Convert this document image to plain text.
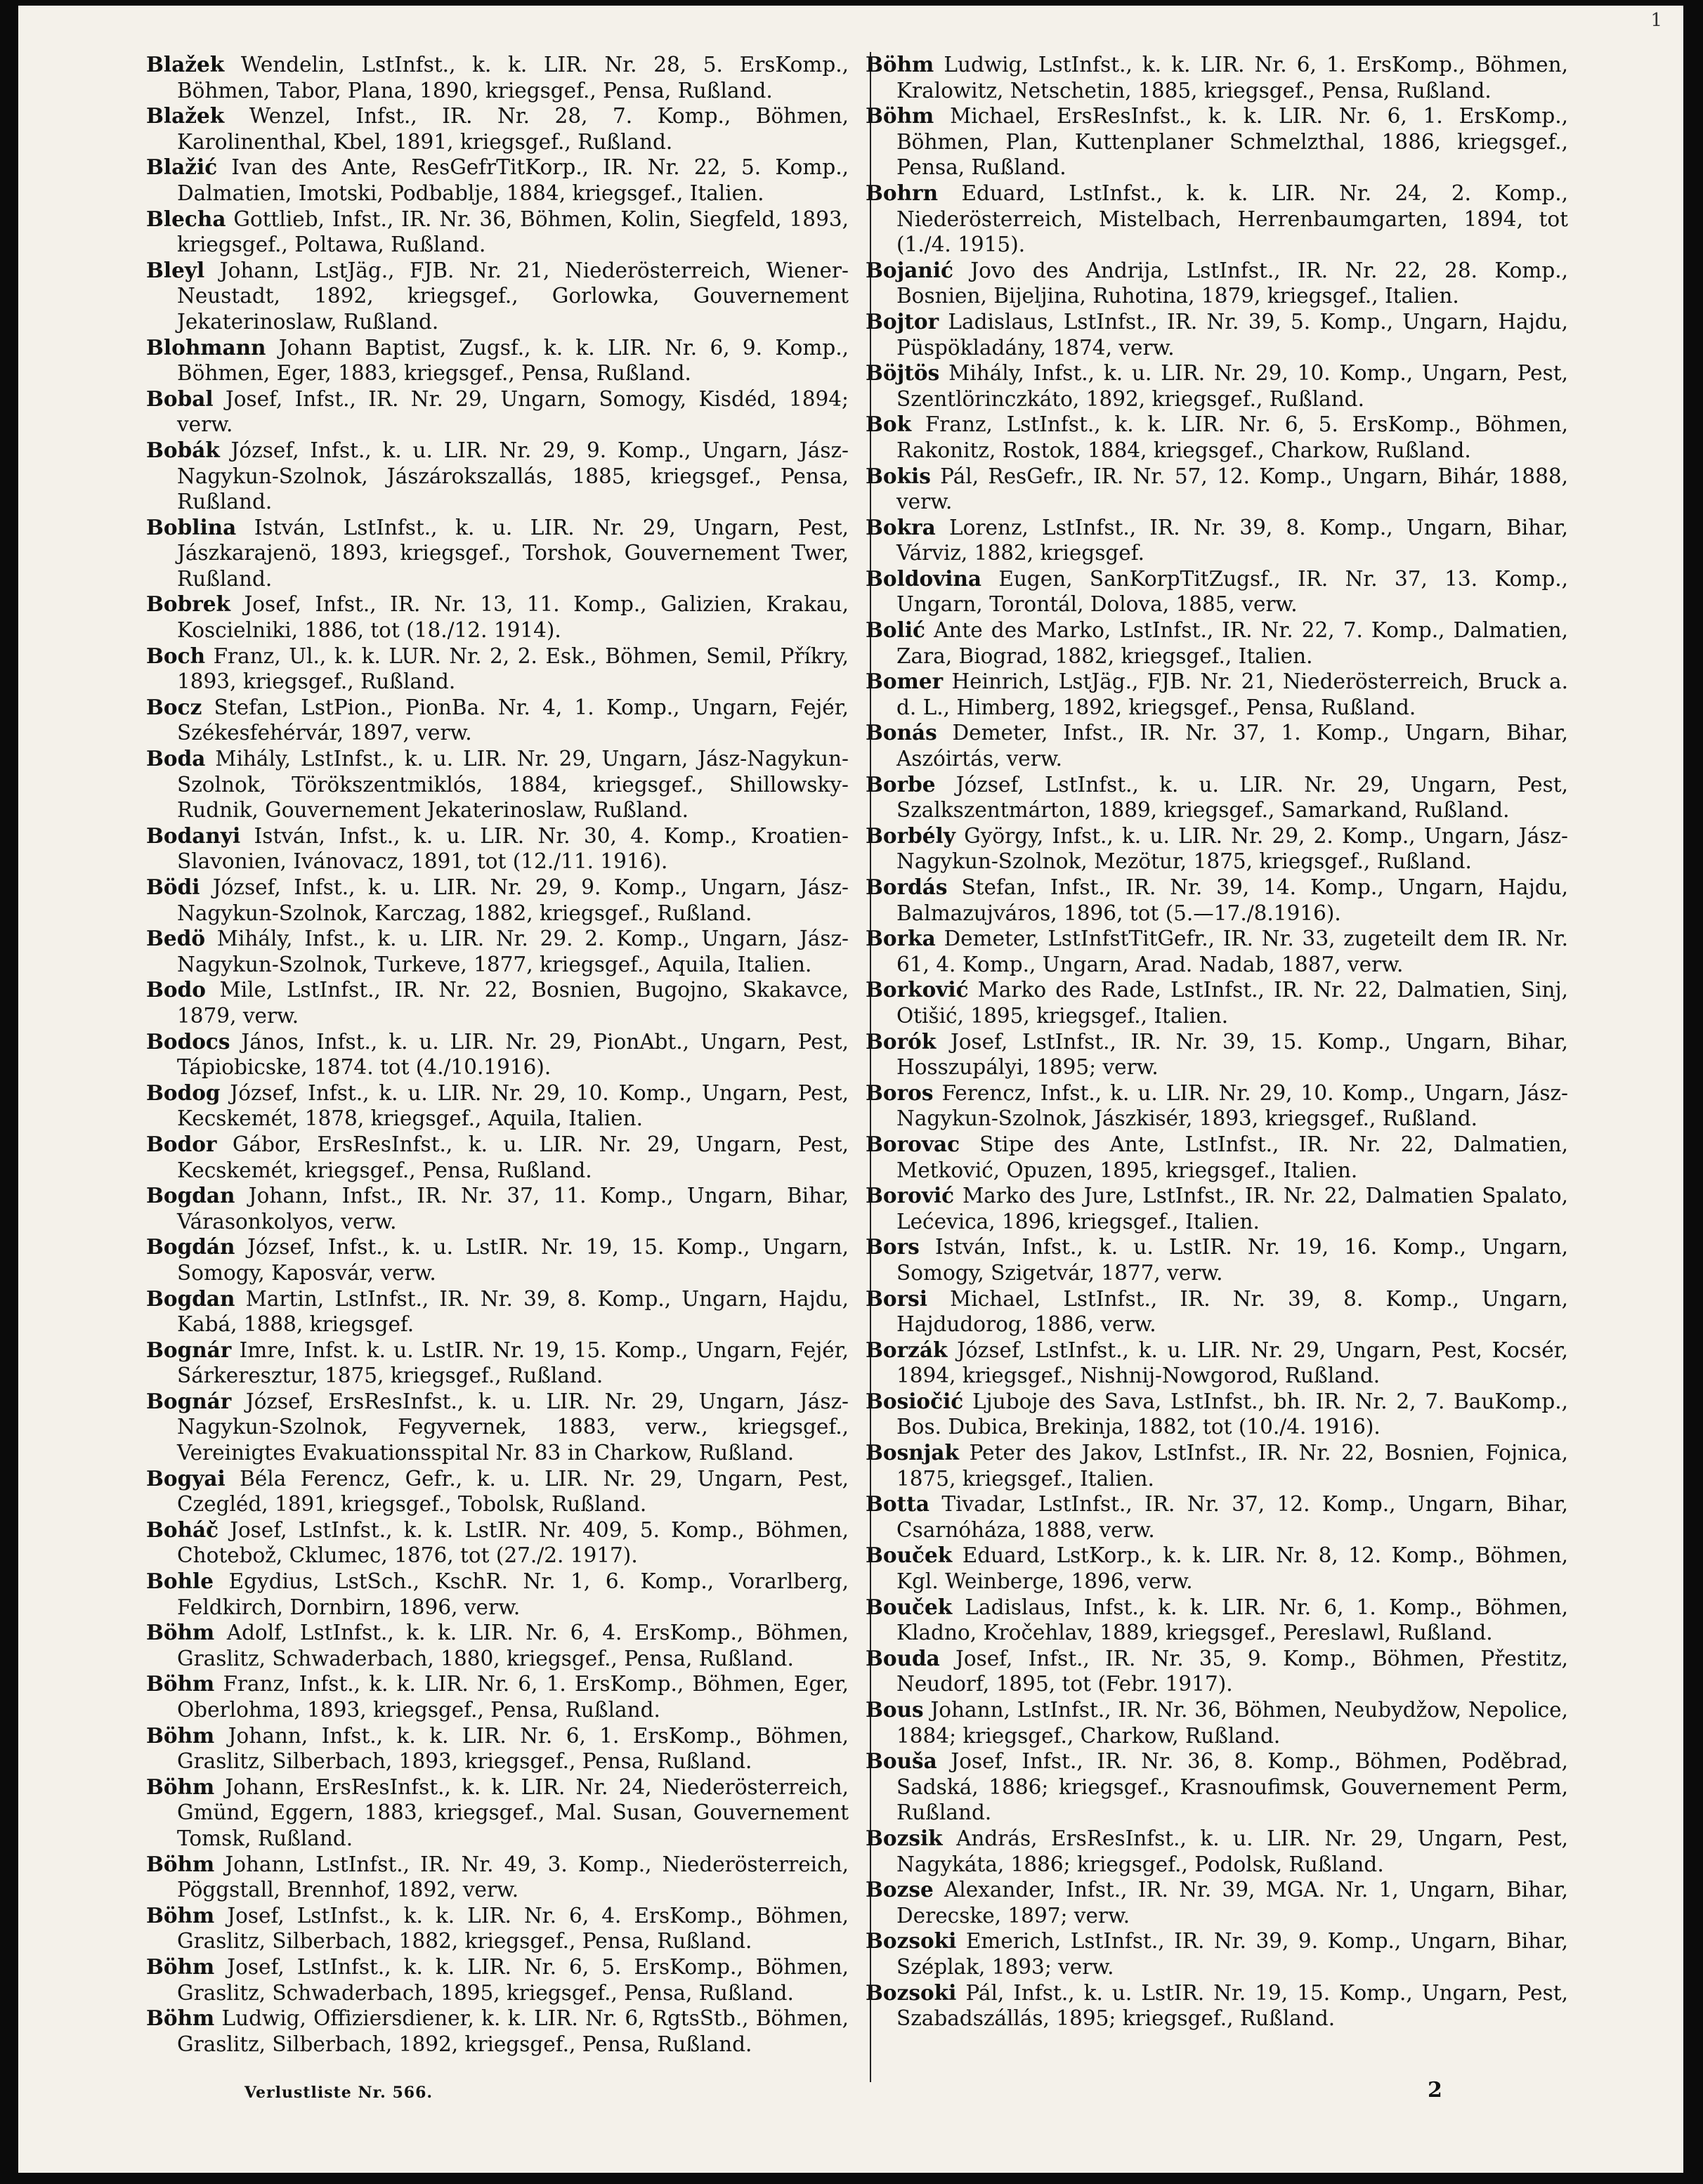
1

Blažek Wendelin, LstInfst., k. k. LIR. Nr. 28, 5. ErsKomp., Böhmen, Tabor, Plana, 1890, kriegsgef., Pensa, Rußland.

Blažek Wenzel, Infst., IR. Nr. 28, 7. Komp., Böhmen, Karolinenthal, Kbel, 1891, kriegsgef., Rußland.

Blažić Ivan des Ante, ResGefrTitKorp., IR. Nr. 22, 5. Komp., Dalmatien, Imotski, Podbablje, 1884, kriegsgef., Italien.

Blecha Gottlieb, Infst., IR. Nr. 36, Böhmen, Kolin, Siegfeld, 1893, kriegsgef., Poltawa, Rußland.

Bleyl Johann, LstJäg., FJB. Nr. 21, Niederösterreich, Wiener-Neustadt, 1892, kriegsgef., Gorlowka, Gouvernement Jekaterinoslaw, Rußland.

Blohmann Johann Baptist, Zugsf., k. k. LIR. Nr. 6, 9. Komp., Böhmen, Eger, 1883, kriegsgef., Pensa, Rußland.

Bobal Josef, Infst., IR. Nr. 29, Ungarn, Somogy, Kisdéd, 1894; verw.

Bobák József, Infst., k. u. LIR. Nr. 29, 9. Komp., Ungarn, Jász-Nagykun-Szolnok, Jászárokszallás, 1885, kriegsgef., Pensa, Rußland.

Boblina István, LstInfst., k. u. LIR. Nr. 29, Ungarn, Pest, Jászkarajenö, 1893, kriegsgef., Torshok, Gouvernement Twer, Rußland.

Bobrek Josef, Infst., IR. Nr. 13, 11. Komp., Galizien, Krakau, Koscielniki, 1886, tot (18./12. 1914).

Boch Franz, Ul., k. k. LUR. Nr. 2, 2. Esk., Böhmen, Semil, Příkry, 1893, kriegsgef., Rußland.

Bocz Stefan, LstPion., PionBa. Nr. 4, 1. Komp., Ungarn, Fejér, Székesfehérvár, 1897, verw.

Boda Mihály, LstInfst., k. u. LIR. Nr. 29, Ungarn, Jász-Nagykun-Szolnok, Törökszentmiklós, 1884, kriegsgef., Shillowsky-Rudnik, Gouvernement Jekaterinoslaw, Rußland.

Bodanyi István, Infst., k. u. LIR. Nr. 30, 4. Komp., Kroatien-Slavonien, Ivánovacz, 1891, tot (12./11. 1916).

Bödi József, Infst., k. u. LIR. Nr. 29, 9. Komp., Ungarn, Jász-Nagykun-Szolnok, Karczag, 1882, kriegsgef., Rußland.

Bedö Mihály, Infst., k. u. LIR. Nr. 29. 2. Komp., Ungarn, Jász-Nagykun-Szolnok, Turkeve, 1877, kriegsgef., Aquila, Italien.

Bodo Mile, LstInfst., IR. Nr. 22, Bosnien, Bugojno, Skakavce, 1879, verw.

Bodocs János, Infst., k. u. LIR. Nr. 29, PionAbt., Ungarn, Pest, Tápiobicske, 1874. tot (4./10.1916).

Bodog József, Infst., k. u. LIR. Nr. 29, 10. Komp., Ungarn, Pest, Kecskemét, 1878, kriegsgef., Aquila, Italien.

Bodor Gábor, ErsResInfst., k. u. LIR. Nr. 29, Ungarn, Pest, Kecskemét, kriegsgef., Pensa, Rußland.

Bogdan Johann, Infst., IR. Nr. 37, 11. Komp., Ungarn, Bihar, Várasonkolyos, verw.

Bogdán József, Infst., k. u. LstIR. Nr. 19, 15. Komp., Ungarn, Somogy, Kaposvár, verw.

Bogdan Martin, LstInfst., IR. Nr. 39, 8. Komp., Ungarn, Hajdu, Kabá, 1888, kriegsgef.

Bognár Imre, Infst. k. u. LstIR. Nr. 19, 15. Komp., Ungarn, Fejér, Sárkeresztur, 1875, kriegsgef., Rußland.

Bognár József, ErsResInfst., k. u. LIR. Nr. 29, Ungarn, Jász-Nagykun-Szolnok, Fegyvernek, 1883, verw., kriegsgef., Vereinigtes Evakuationsspital Nr. 83 in Charkow, Rußland.

Bogyai Béla Ferencz, Gefr., k. u. LIR. Nr. 29, Ungarn, Pest, Czegléd, 1891, kriegsgef., Tobolsk, Rußland.

Boháč Josef, LstInfst., k. k. LstIR. Nr. 409, 5. Komp., Böhmen, Chotebož, Cklumec, 1876, tot (27./2. 1917).

Bohle Egydius, LstSch., KschR. Nr. 1, 6. Komp., Vorarlberg, Feldkirch, Dornbirn, 1896, verw.

Böhm Adolf, LstInfst., k. k. LIR. Nr. 6, 4. ErsKomp., Böhmen, Graslitz, Schwaderbach, 1880, kriegsgef., Pensa, Rußland.

Böhm Franz, Infst., k. k. LIR. Nr. 6, 1. ErsKomp., Böhmen, Eger, Oberlohma, 1893, kriegsgef., Pensa, Rußland.

Böhm Johann, Infst., k. k. LIR. Nr. 6, 1. ErsKomp., Böhmen, Graslitz, Silberbach, 1893, kriegsgef., Pensa, Rußland.

Böhm Johann, ErsResInfst., k. k. LIR. Nr. 24, Niederösterreich, Gmünd, Eggern, 1883, kriegsgef., Mal. Susan, Gouvernement Tomsk, Rußland.

Böhm Johann, LstInfst., IR. Nr. 49, 3. Komp., Niederösterreich, Pöggstall, Brennhof, 1892, verw.

Böhm Josef, LstInfst., k. k. LIR. Nr. 6, 4. ErsKomp., Böhmen, Graslitz, Silberbach, 1882, kriegsgef., Pensa, Rußland.

Böhm Josef, LstInfst., k. k. LIR. Nr. 6, 5. ErsKomp., Böhmen, Graslitz, Schwaderbach, 1895, kriegsgef., Pensa, Rußland.

Böhm Ludwig, Offiziersdiener, k. k. LIR. Nr. 6, RgtsStb., Böhmen, Graslitz, Silberbach, 1892, kriegsgef., Pensa, Rußland.

Böhm Ludwig, LstInfst., k. k. LIR. Nr. 6, 1. ErsKomp., Böhmen, Kralowitz, Netschetin, 1885, kriegsgef., Pensa, Rußland.

Böhm Michael, ErsResInfst., k. k. LIR. Nr. 6, 1. ErsKomp., Böhmen, Plan, Kuttenplaner Schmelzthal, 1886, kriegsgef., Pensa, Rußland.

Bohrn Eduard, LstInfst., k. k. LIR. Nr. 24, 2. Komp., Niederösterreich, Mistelbach, Herrenbaumgarten, 1894, tot (1./4. 1915).

Bojanić Jovo des Andrija, LstInfst., IR. Nr. 22, 28. Komp., Bosnien, Bijeljina, Ruhotina, 1879, kriegsgef., Italien.

Bojtor Ladislaus, LstInfst., IR. Nr. 39, 5. Komp., Ungarn, Hajdu, Püspökladány, 1874, verw.

Böjtös Mihály, Infst., k. u. LIR. Nr. 29, 10. Komp., Ungarn, Pest, Szentlörinczkáto, 1892, kriegsgef., Rußland.

Bok Franz, LstInfst., k. k. LIR. Nr. 6, 5. ErsKomp., Böhmen, Rakonitz, Rostok, 1884, kriegsgef., Charkow, Rußland.

Bokis Pál, ResGefr., IR. Nr. 57, 12. Komp., Ungarn, Bihár, 1888, verw.

Bokra Lorenz, LstInfst., IR. Nr. 39, 8. Komp., Ungarn, Bihar, Várviz, 1882, kriegsgef.

Boldovina Eugen, SanKorpTitZugsf., IR. Nr. 37, 13. Komp., Ungarn, Torontál, Dolova, 1885, verw.

Bolić Ante des Marko, LstInfst., IR. Nr. 22, 7. Komp., Dalmatien, Zara, Biograd, 1882, kriegsgef., Italien.

Bomer Heinrich, LstJäg., FJB. Nr. 21, Niederösterreich, Bruck a. d. L., Himberg, 1892, kriegsgef., Pensa, Rußland.

Bonás Demeter, Infst., IR. Nr. 37, 1. Komp., Ungarn, Bihar, Aszóirtás, verw.

Borbe József, LstInfst., k. u. LIR. Nr. 29, Ungarn, Pest, Szalkszentmárton, 1889, kriegsgef., Samarkand, Rußland.

Borbély György, Infst., k. u. LIR. Nr. 29, 2. Komp., Ungarn, Jász-Nagykun-Szolnok, Mezötur, 1875, kriegsgef., Rußland.

Bordás Stefan, Infst., IR. Nr. 39, 14. Komp., Ungarn, Hajdu, Balmazujváros, 1896, tot (5.—17./8.1916).

Borka Demeter, LstInfstTitGefr., IR. Nr. 33, zugeteilt dem IR. Nr. 61, 4. Komp., Ungarn, Arad. Nadab, 1887, verw.

Borković Marko des Rade, LstInfst., IR. Nr. 22, Dalmatien, Sinj, Otišić, 1895, kriegsgef., Italien.

Borók Josef, LstInfst., IR. Nr. 39, 15. Komp., Ungarn, Bihar, Hosszupályi, 1895; verw.

Boros Ferencz, Infst., k. u. LIR. Nr. 29, 10. Komp., Ungarn, Jász-Nagykun-Szolnok, Jászkisér, 1893, kriegsgef., Rußland.

Borovac Stipe des Ante, LstInfst., IR. Nr. 22, Dalmatien, Metković, Opuzen, 1895, kriegsgef., Italien.

Borović Marko des Jure, LstInfst., IR. Nr. 22, Dalmatien Spalato, Lećevica, 1896, kriegsgef., Italien.

Bors István, Infst., k. u. LstIR. Nr. 19, 16. Komp., Ungarn, Somogy, Szigetvár, 1877, verw.

Borsi Michael, LstInfst., IR. Nr. 39, 8. Komp., Ungarn, Hajdudorog, 1886, verw.

Borzák József, LstInfst., k. u. LIR. Nr. 29, Ungarn, Pest, Kocsér, 1894, kriegsgef., Nishnij-Nowgorod, Rußland.

Bosiočić Ljuboje des Sava, LstInfst., bh. IR. Nr. 2, 7. BauKomp., Bos. Dubica, Brekinja, 1882, tot (10./4. 1916).

Bosnjak Peter des Jakov, LstInfst., IR. Nr. 22, Bosnien, Fojnica, 1875, kriegsgef., Italien.

Botta Tivadar, LstInfst., IR. Nr. 37, 12. Komp., Ungarn, Bihar, Csarnóháza, 1888, verw.

Bouček Eduard, LstKorp., k. k. LIR. Nr. 8, 12. Komp., Böhmen, Kgl. Weinberge, 1896, verw.

Bouček Ladislaus, Infst., k. k. LIR. Nr. 6, 1. Komp., Böhmen, Kladno, Kročehlav, 1889, kriegsgef., Pereslawl, Rußland.

Bouda Josef, Infst., IR. Nr. 35, 9. Komp., Böhmen, Přestitz, Neudorf, 1895, tot (Febr. 1917).

Bous Johann, LstInfst., IR. Nr. 36, Böhmen, Neubydžow, Nepolice, 1884; kriegsgef., Charkow, Rußland.

Bouša Josef, Infst., IR. Nr. 36, 8. Komp., Böhmen, Poděbrad, Sadská, 1886; kriegsgef., Krasnoufimsk, Gouvernement Perm, Rußland.

Bozsik András, ErsResInfst., k. u. LIR. Nr. 29, Ungarn, Pest, Nagykáta, 1886; kriegsgef., Podolsk, Rußland.

Bozse Alexander, Infst., IR. Nr. 39, MGA. Nr. 1, Ungarn, Bihar, Derecske, 1897; verw.

Bozsoki Emerich, LstInfst., IR. Nr. 39, 9. Komp., Ungarn, Bihar, Széplak, 1893; verw.

Bozsoki Pál, Infst., k. u. LstIR. Nr. 19, 15. Komp., Ungarn, Pest, Szabadszállás, 1895; kriegsgef., Rußland.

Verlustliste Nr. 566.	2
